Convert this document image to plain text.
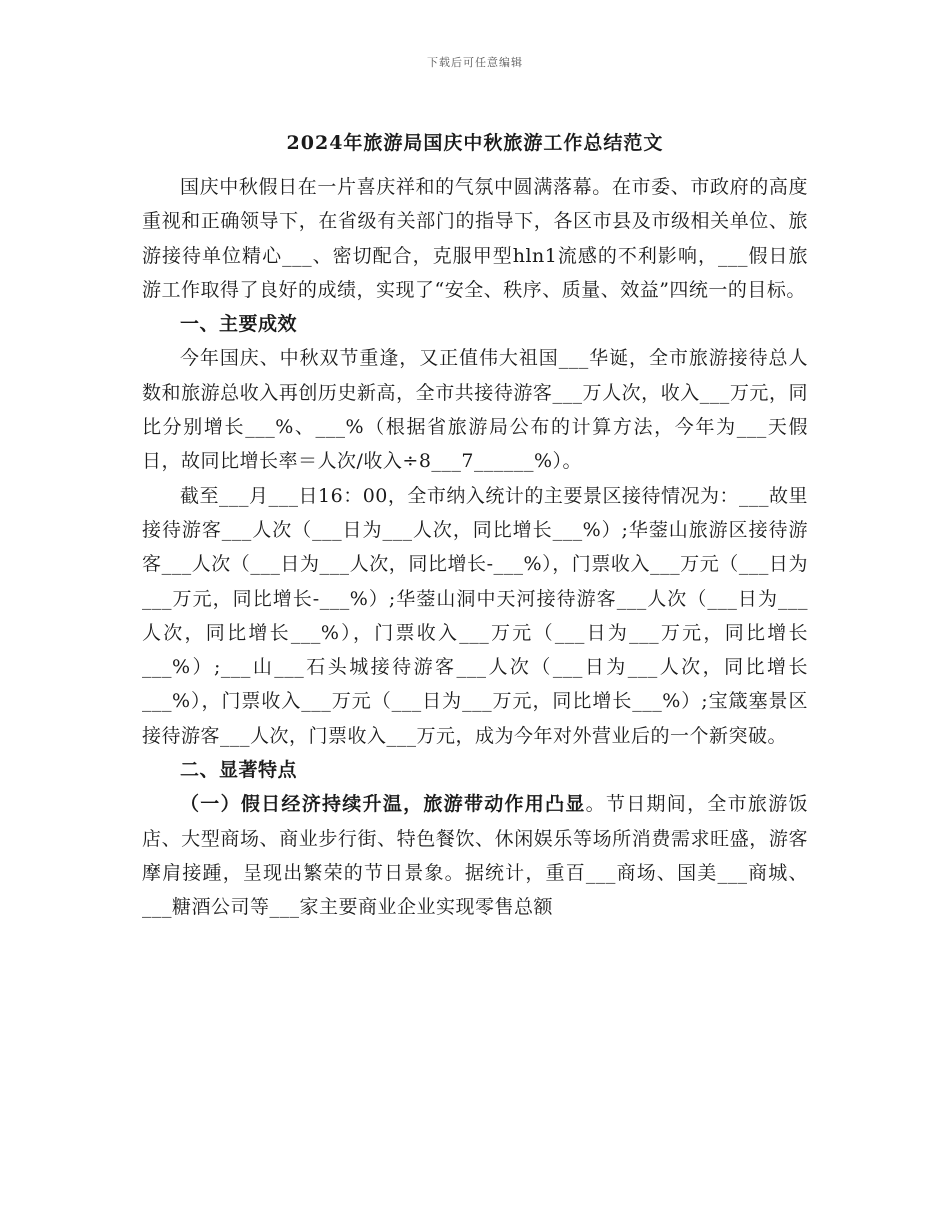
下载后可任意编辑
2024年旅游局国庆中秋旅游工作总结范文

国庆中秋假日在一片喜庆祥和的气氛中圆满落幕。在市委、市政府的高度重视和正确领导下，在省级有关部门的指导下，各区市县及市级相关单位、旅游接待单位精心___、密切配合，克服甲型hln1流感的不利影响，___假日旅游工作取得了良好的成绩，实现了“安全、秩序、质量、效益”四统一的目标。

一、主要成效

今年国庆、中秋双节重逢，又正值伟大祖国___华诞，全市旅游接待总人数和旅游总收入再创历史新高，全市共接待游客___万人次，收入___万元，同比分别增长___%、___%（根据省旅游局公布的计算方法，今年为___天假日，故同比增长率＝人次/收入÷8___7______%）。

截至___月___日16：00，全市纳入统计的主要景区接待情况为：___故里接待游客___人次（___日为___人次，同比增长___%）;华蓥山旅游区接待游客___人次（___日为___人次，同比增长-___%），门票收入___万元（___日为___万元，同比增长-___%）;华蓥山洞中天河接待游客___人次（___日为___人次，同比增长___%），门票收入___万元（___日为___万元，同比增长___%）;___山___石头城接待游客___人次（___日为___人次，同比增长___%），门票收入___万元（___日为___万元，同比增长___%）;宝箴塞景区接待游客___人次，门票收入___万元，成为今年对外营业后的一个新突破。

二、显著特点

（一）假日经济持续升温，旅游带动作用凸显。节日期间，全市旅游饭店、大型商场、商业步行街、特色餐饮、休闲娱乐等场所消费需求旺盛，游客摩肩接踵，呈现出繁荣的节日景象。据统计，重百___商场、国美___商城、___糖酒公司等___家主要商业企业实现零售总额
